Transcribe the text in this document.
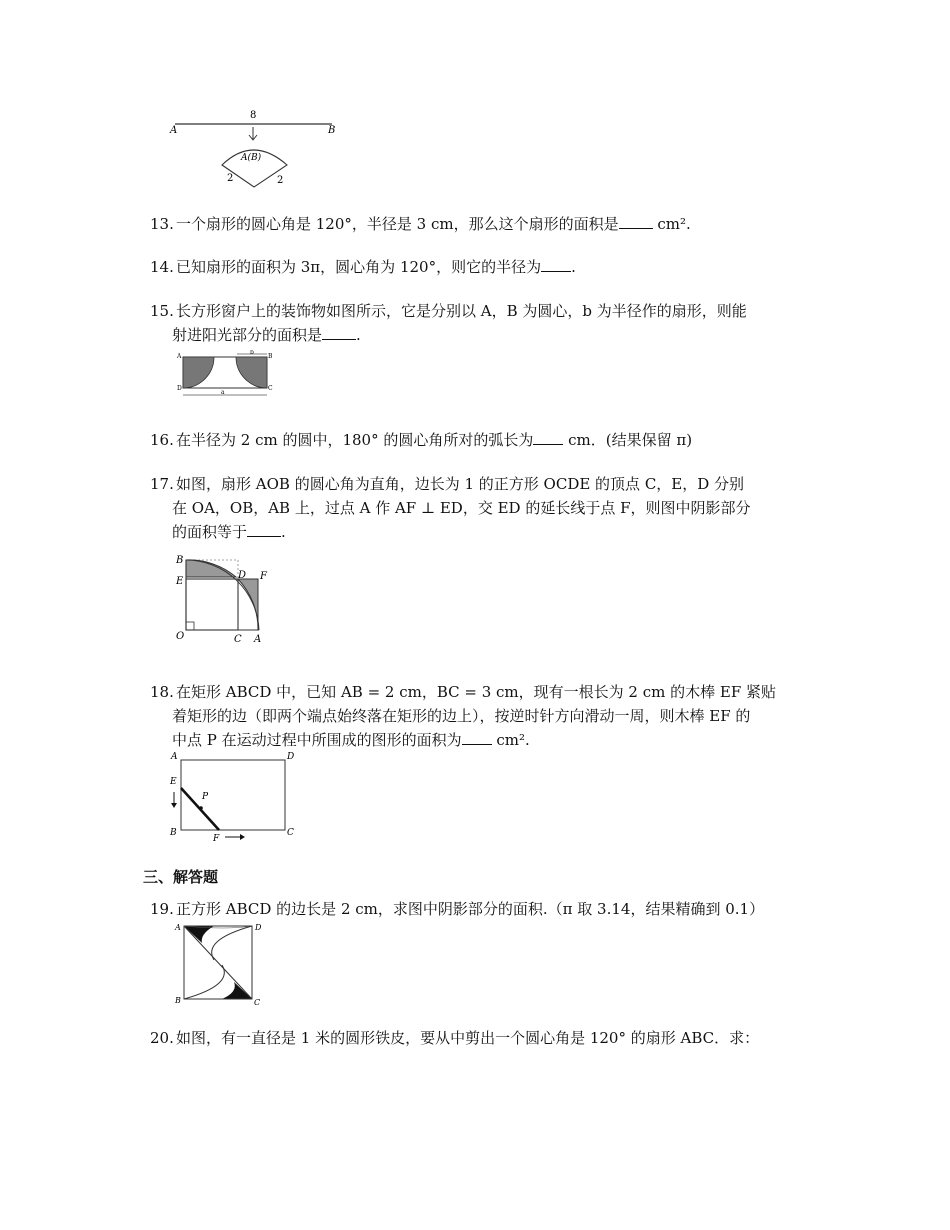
8
A	B
A(B)
2	2
13. 一个扇形的圆心角是 120°，半径是 3 cm，那么这个扇形的面积是 cm².
14. 已知扇形的面积为 3π，圆心角为 120°，则它的半径为 .
15. 长方形窗户上的装饰物如图所示，它是分别以 A，B 为圆心，b 为半径作的扇形，则能
射进阳光部分的面积是 .
b
A	B
D	C
a
16. 在半径为 2 cm 的圆中，180° 的圆心角所对的弧长为 cm．(结果保留 π)
17. 如图，扇形 AOB 的圆心角为直角，边长为 1 的正方形 OCDE 的顶点 C，E，D 分别
在 OA，OB，AB 上，过点 A 作 AF ⊥ ED，交 ED 的延长线于点 F，则图中阴影部分
的面积等于 .
B
E
D F
O	C A
18. 在矩形 ABCD 中，已知 AB = 2 cm，BC = 3 cm，现有一根长为 2 cm 的木棒 EF 紧贴
着矩形的边（即两个端点始终落在矩形的边上），按逆时针方向滑动一周，则木棒 EF 的
中点 P 在运动过程中所围成的图形的面积为 cm².
A	D
E
P
B
F
C
三、解答题
19. 正方形 ABCD 的边长是 2 cm，求图中阴影部分的面积.（π 取 3.14，结果精确到 0.1）
A	D
B	C
20. 如图，有一直径是 1 米的圆形铁皮，要从中剪出一个圆心角是 120° 的扇形 ABC．求：
